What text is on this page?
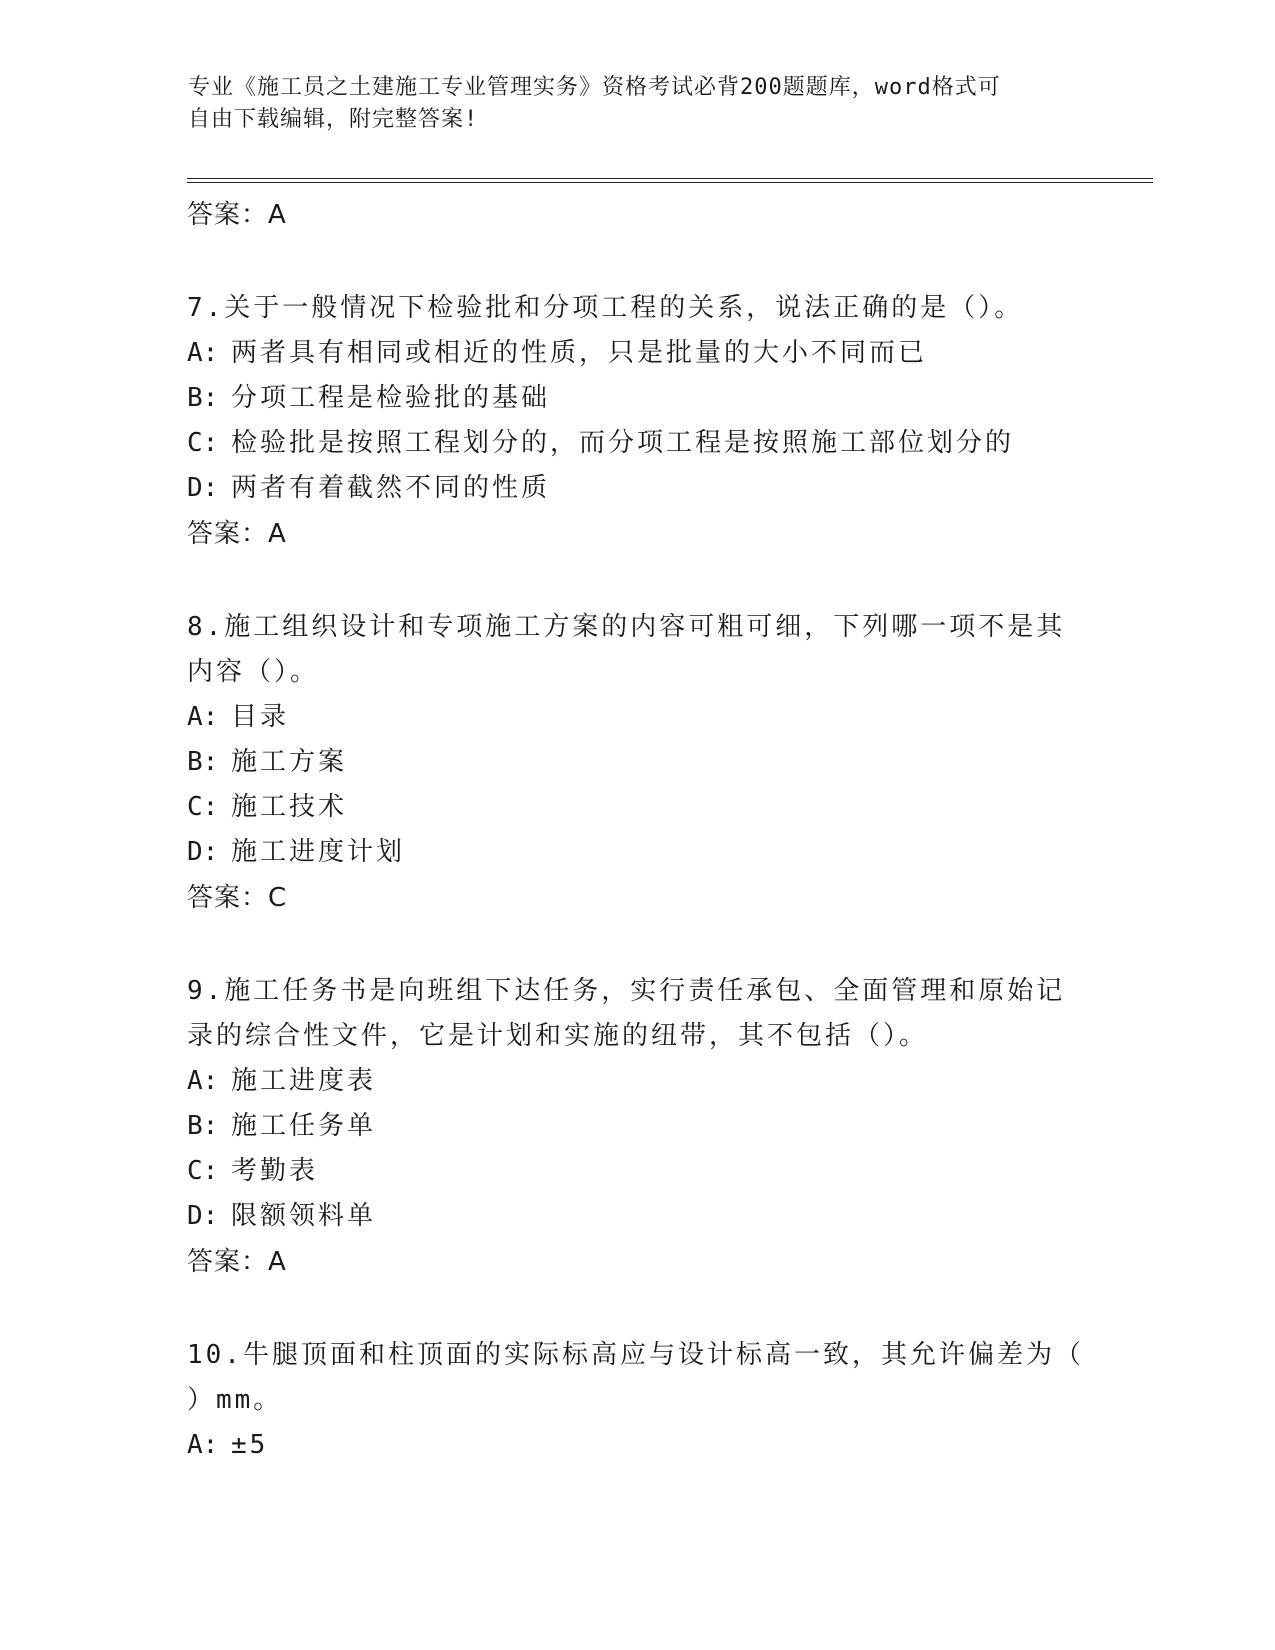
专业《施工员之土建施工专业管理实务》资格考试必背200题题库，word格式可
自由下载编辑，附完整答案!
答案：A
7.关于一般情况下检验批和分项工程的关系，说法正确的是（）。
A: 两者具有相同或相近的性质，只是批量的大小不同而已
B: 分项工程是检验批的基础
C: 检验批是按照工程划分的，而分项工程是按照施工部位划分的
D: 两者有着截然不同的性质
答案：A
8.施工组织设计和专项施工方案的内容可粗可细，下列哪一项不是其
内容（）。
A: 目录
B: 施工方案
C: 施工技术
D: 施工进度计划
答案：C
9.施工任务书是向班组下达任务，实行责任承包、全面管理和原始记
录的综合性文件，它是计划和实施的纽带，其不包括（）。
A: 施工进度表
B: 施工任务单
C: 考勤表
D: 限额领料单
答案：A
10.牛腿顶面和柱顶面的实际标高应与设计标高一致，其允许偏差为（
）mm。
A: ±5
